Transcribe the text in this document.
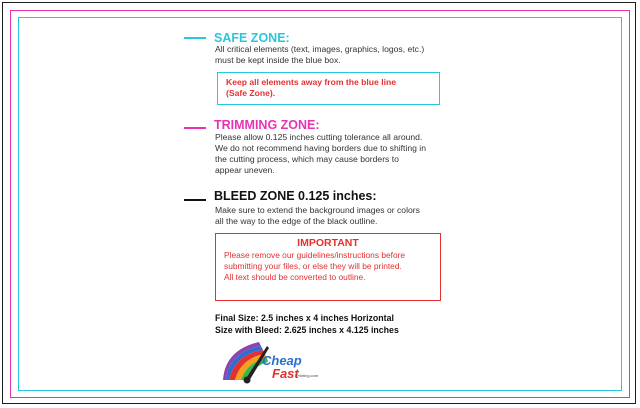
SAFE ZONE:
All critical elements (text, images, graphics, logos, etc.)
must be kept inside the blue box.
Keep all elements away from the blue line
(Safe Zone).
TRIMMING ZONE:
Please allow 0.125 inches cutting tolerance all around.
We do not recommend having borders due to shifting in
the cutting process, which may cause borders to
appear uneven.
BLEED ZONE 0.125 inches:
Make sure to extend the background images or colors
all the way to the edge of the black outline.
IMPORTANT
Please remove our guidelines/instructions before
submitting your files, or else they will be printed.
All text should be converted to outline.
Final Size: 2.5 inches x 4 inches Horizontal
Size with Bleed: 2.625 inches x 4.125 inches
Cheap
Fast
Printing.com
